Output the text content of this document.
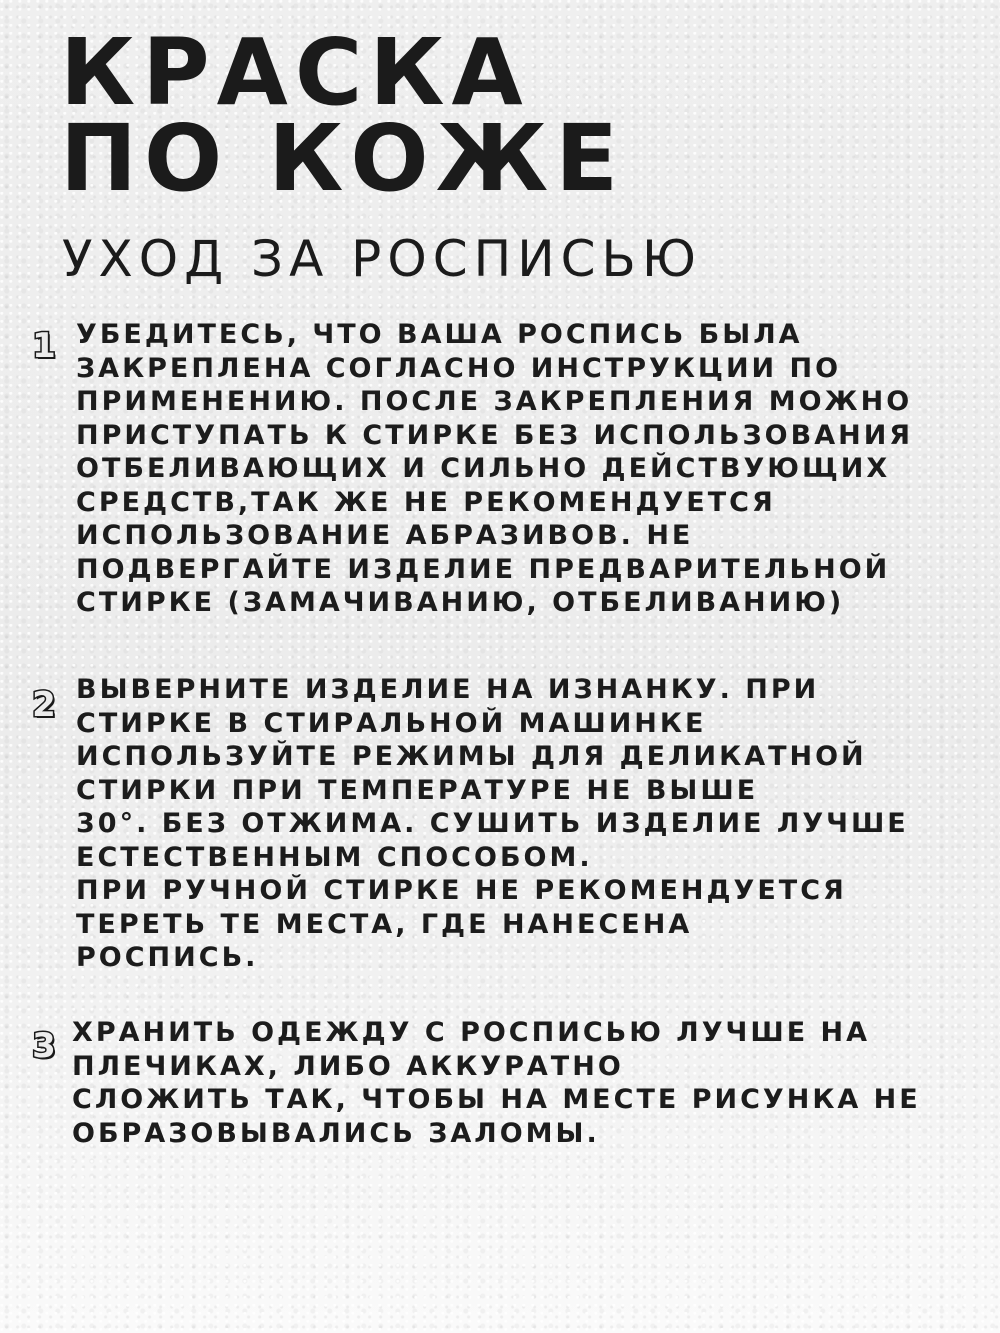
КРАСКА
ПО КОЖЕ
УХОД ЗА РОСПИСЬЮ
1 УБЕДИТЕСЬ, ЧТО ВАША РОСПИСЬ БЫЛА
ЗАКРЕПЛЕНА СОГЛАСНО ИНСТРУКЦИИ ПО
ПРИМЕНЕНИЮ. ПОСЛЕ ЗАКРЕПЛЕНИЯ МОЖНО
ПРИСТУПАТЬ К СТИРКЕ БЕЗ ИСПОЛЬЗОВАНИЯ
ОТБЕЛИВАЮЩИХ И СИЛЬНО ДЕЙСТВУЮЩИХ
СРЕДСТВ,ТАК ЖЕ НЕ РЕКОМЕНДУЕТСЯ
ИСПОЛЬЗОВАНИЕ АБРАЗИВОВ. НЕ
ПОДВЕРГАЙТЕ ИЗДЕЛИЕ ПРЕДВАРИТЕЛЬНОЙ
СТИРКЕ (ЗАМАЧИВАНИЮ, ОТБЕЛИВАНИЮ)

2 ВЫВЕРНИТЕ ИЗДЕЛИЕ НА ИЗНАНКУ. ПРИ
СТИРКЕ В СТИРАЛЬНОЙ МАШИНКЕ
ИСПОЛЬЗУЙТЕ РЕЖИМЫ ДЛЯ ДЕЛИКАТНОЙ
СТИРКИ ПРИ ТЕМПЕРАТУРЕ НЕ ВЫШЕ
30°. БЕЗ ОТЖИМА. СУШИТЬ ИЗДЕЛИЕ ЛУЧШЕ
ЕСТЕСТВЕННЫМ СПОСОБОМ.
ПРИ РУЧНОЙ СТИРКЕ НЕ РЕКОМЕНДУЕТСЯ
ТЕРЕТЬ ТЕ МЕСТА, ГДЕ НАНЕСЕНА
РОСПИСЬ.

3 ХРАНИТЬ ОДЕЖДУ С РОСПИСЬЮ ЛУЧШЕ НА
ПЛЕЧИКАХ, ЛИБО АККУРАТНО
СЛОЖИТЬ ТАК, ЧТОБЫ НА МЕСТЕ РИСУНКА НЕ
ОБРАЗОВЫВАЛИСЬ ЗАЛОМЫ.
